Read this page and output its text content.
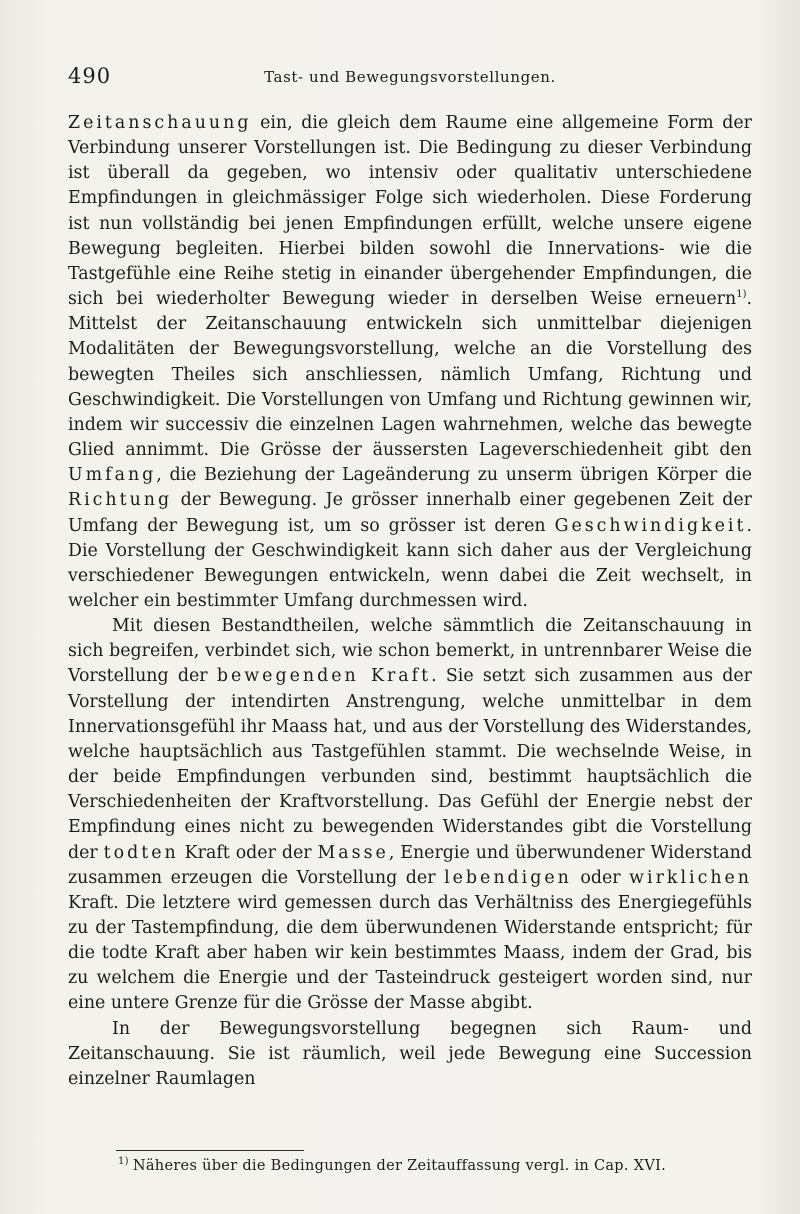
490	Tast- und Bewegungsvorstellungen.

Zeitanschauung ein, die gleich dem Raume eine allgemeine Form der Verbindung unserer Vorstellungen ist. Die Bedingung zu dieser Verbindung ist überall da gegeben, wo intensiv oder qualitativ unterschiedene Empfindungen in gleichmässiger Folge sich wiederholen. Diese Forderung ist nun vollständig bei jenen Empfindungen erfüllt, welche unsere eigene Bewegung begleiten. Hierbei bilden sowohl die Innervations- wie die Tastgefühle eine Reihe stetig in einander übergehender Empfindungen, die sich bei wiederholter Bewegung wieder in derselben Weise erneuern$^{1)}$. Mittelst der Zeitanschauung entwickeln sich unmittelbar diejenigen Modalitäten der Bewegungsvorstellung, welche an die Vorstellung des bewegten Theiles sich anschliessen, nämlich Umfang, Richtung und Geschwindigkeit. Die Vorstellungen von Umfang und Richtung gewinnen wir, indem wir successiv die einzelnen Lagen wahrnehmen, welche das bewegte Glied annimmt. Die Grösse der äussersten Lageverschiedenheit gibt den Umfang, die Beziehung der Lageänderung zu unserm übrigen Körper die Richtung der Bewegung. Je grösser innerhalb einer gegebenen Zeit der Umfang der Bewegung ist, um so grösser ist deren Geschwindigkeit. Die Vorstellung der Geschwindigkeit kann sich daher aus der Vergleichung verschiedener Bewegungen entwickeln, wenn dabei die Zeit wechselt, in welcher ein bestimmter Umfang durchmessen wird.

Mit diesen Bestandtheilen, welche sämmtlich die Zeitanschauung in sich begreifen, verbindet sich, wie schon bemerkt, in untrennbarer Weise die Vorstellung der bewegenden Kraft. Sie setzt sich zusammen aus der Vorstellung der intendirten Anstrengung, welche unmittelbar in dem Innervationsgefühl ihr Maass hat, und aus der Vorstellung des Widerstandes, welche hauptsächlich aus Tastgefühlen stammt. Die wechselnde Weise, in der beide Empfindungen verbunden sind, bestimmt hauptsächlich die Verschiedenheiten der Kraftvorstellung. Das Gefühl der Energie nebst der Empfindung eines nicht zu bewegenden Widerstandes gibt die Vorstellung der todten Kraft oder der Masse, Energie und überwundener Widerstand zusammen erzeugen die Vorstellung der lebendigen oder wirklichen Kraft. Die letztere wird gemessen durch das Verhältniss des Energiegefühls zu der Tastempfindung, die dem überwundenen Widerstande entspricht; für die todte Kraft aber haben wir kein bestimmtes Maass, indem der Grad, bis zu welchem die Energie und der Tasteindruck gesteigert worden sind, nur eine untere Grenze für die Grösse der Masse abgibt.

In der Bewegungsvorstellung begegnen sich Raum- und Zeitanschauung. Sie ist räumlich, weil jede Bewegung eine Succession einzelner Raumlagen

$^{1)}$ Näheres über die Bedingungen der Zeitauffassung vergl. in Cap. XVI.
